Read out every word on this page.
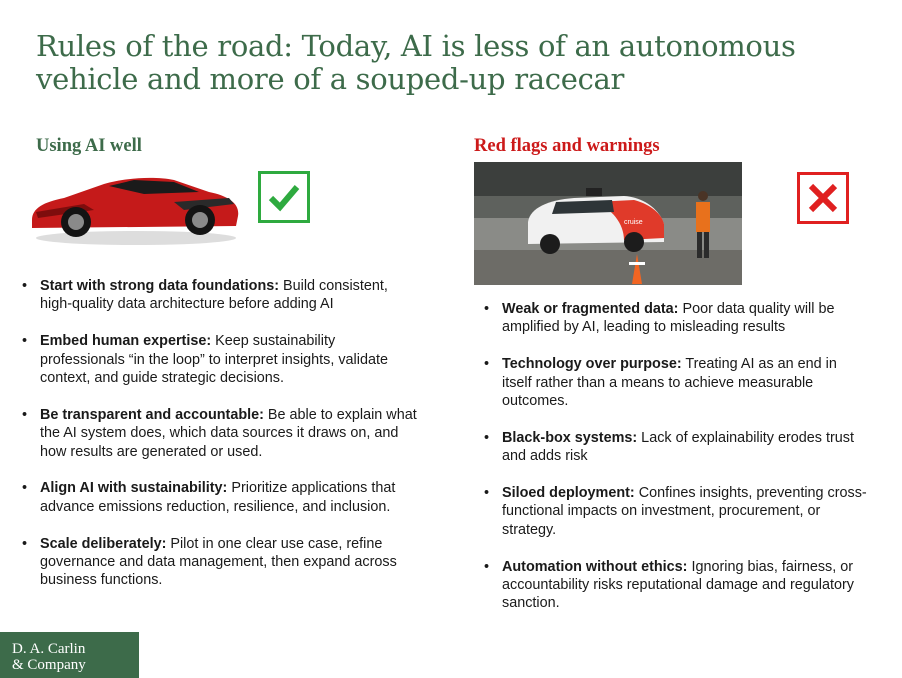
Rules of the road: Today, AI is less of an autonomous vehicle and more of a souped-up racecar
Using AI well	Red flags and warnings
cruise
• Start with strong data foundations: Build consistent, high-quality data architecture before adding AI
• Embed human expertise: Keep sustainability professionals “in the loop” to interpret insights, validate context, and guide strategic decisions.
• Be transparent and accountable: Be able to explain what the AI system does, which data sources it draws on, and how results are generated or used.
• Align AI with sustainability: Prioritize applications that advance emissions reduction, resilience, and inclusion.
• Scale deliberately: Pilot in one clear use case, refine governance and data management, then expand across business functions.
• Weak or fragmented data: Poor data quality will be amplified by AI, leading to misleading results
• Technology over purpose: Treating AI as an end in itself rather than a means to achieve measurable outcomes.
• Black-box systems: Lack of explainability erodes trust and adds risk
• Siloed deployment: Confines insights, preventing cross-functional impacts on investment, procurement, or strategy.
• Automation without ethics: Ignoring bias, fairness, or accountability risks reputational damage and regulatory sanction.
D. A. Carlin
& Company
